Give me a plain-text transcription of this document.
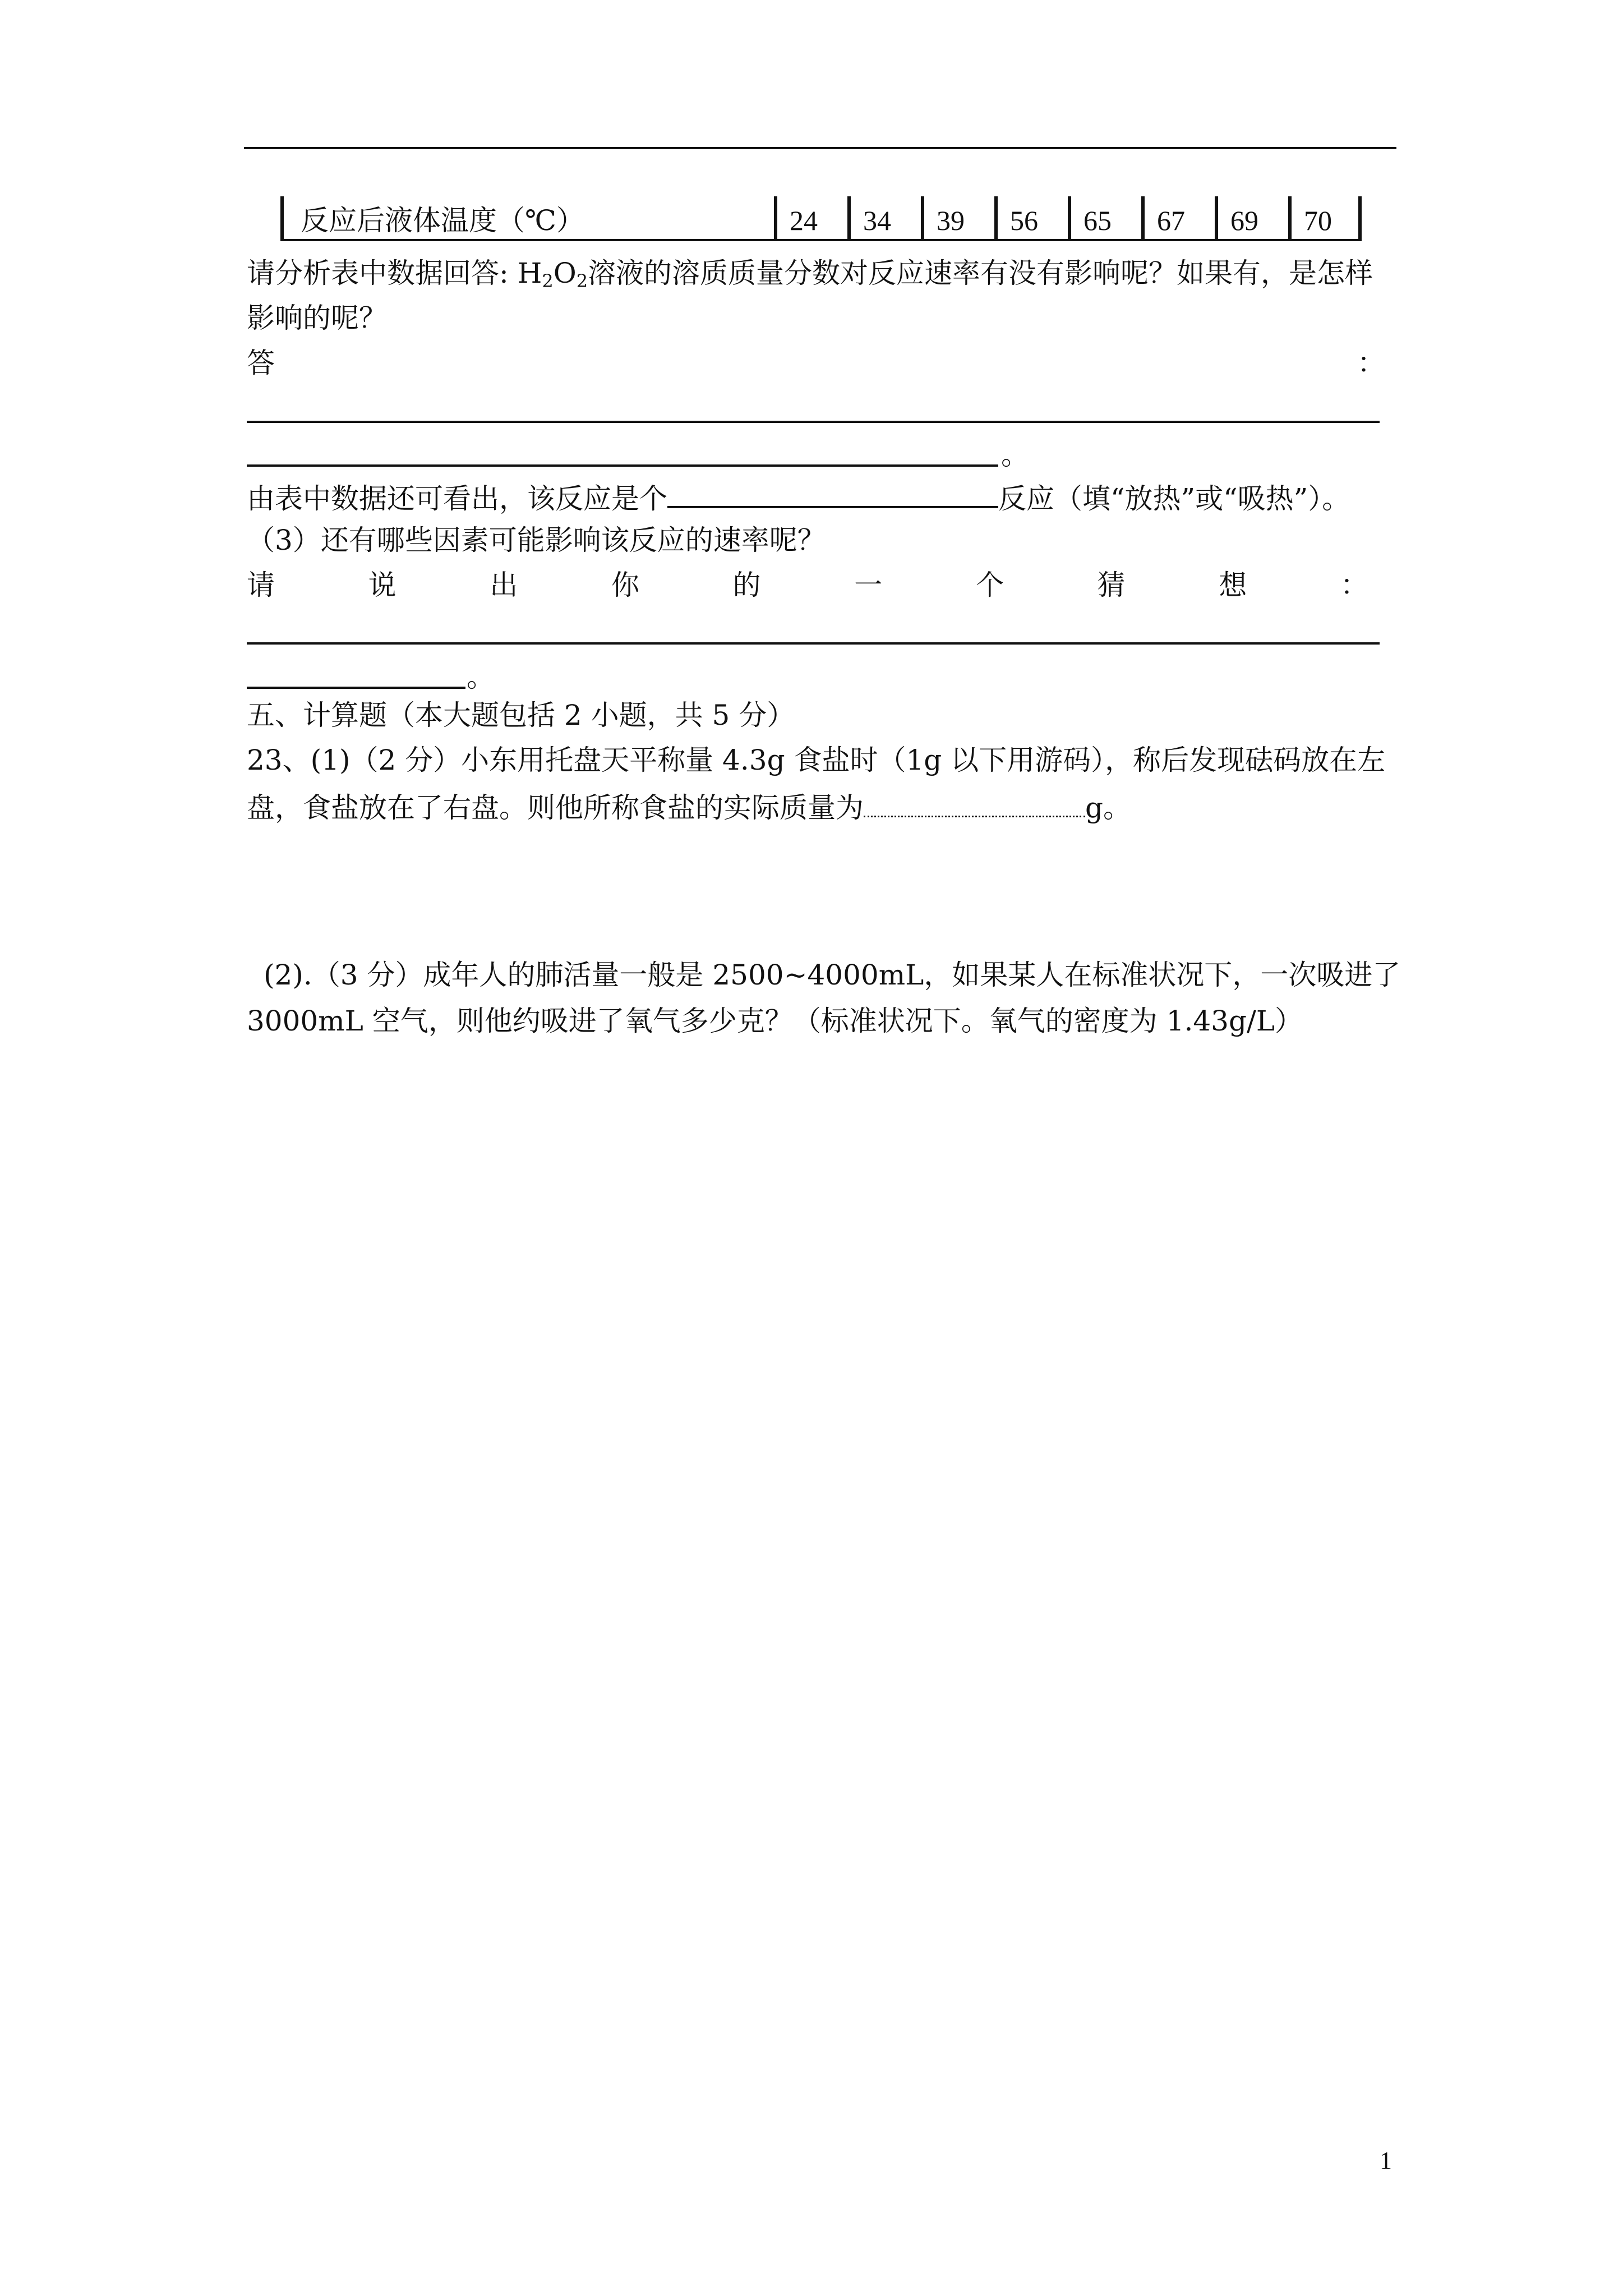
反应后液体温度（℃）	24	34	39	56	65	67	69	70
请分析表中数据回答: $H_2O_2$溶液的溶质质量分数对反应速率有没有影响呢？如果有，是怎样
影响的呢？
答	：
。
由表中数据还可看出，该反应是个	反应（填“放热”或“吸热”）。
（3）还有哪些因素可能影响该反应的速率呢？
请	说	出	你	的	一	个	猜	想	：
。
五、计算题（本大题包括 2 小题，共 5 分）
23、(1)（2 分）小东用托盘天平称量 4.3g 食盐时（1g 以下用游码），称后发现砝码放在左
盘，食盐放在了右盘。则他所称食盐的实际质量为	g。
(2).（3 分）成年人的肺活量一般是 2500~4000mL，如果某人在标准状况下，一次吸进了
3000mL 空气，则他约吸进了氧气多少克？（标准状况下。氧气的密度为 1.43g/L）
1
